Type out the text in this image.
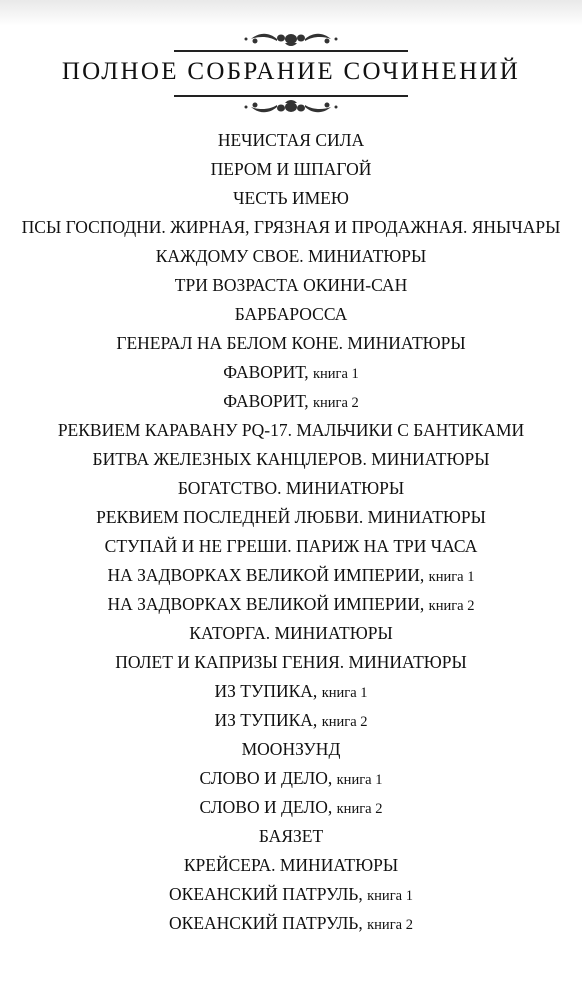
ПОЛНОЕ СОБРАНИЕ СОЧИНЕНИЙ
НЕЧИСТАЯ СИЛА
ПЕРОМ И ШПАГОЙ
ЧЕСТЬ ИМЕЮ
ПСЫ ГОСПОДНИ. ЖИРНАЯ, ГРЯЗНАЯ И ПРОДАЖНАЯ. ЯНЫЧАРЫ
КАЖДОМУ СВОЕ. МИНИАТЮРЫ
ТРИ ВОЗРАСТА ОКИНИ-САН
БАРБАРОССА
ГЕНЕРАЛ НА БЕЛОМ КОНЕ. МИНИАТЮРЫ
ФАВОРИТ, книга 1
ФАВОРИТ, книга 2
РЕКВИЕМ КАРАВАНУ PQ-17. МАЛЬЧИКИ С БАНТИКАМИ
БИТВА ЖЕЛЕЗНЫХ КАНЦЛЕРОВ. МИНИАТЮРЫ
БОГАТСТВО. МИНИАТЮРЫ
РЕКВИЕМ ПОСЛЕДНЕЙ ЛЮБВИ. МИНИАТЮРЫ
СТУПАЙ И НЕ ГРЕШИ. ПАРИЖ НА ТРИ ЧАСА
НА ЗАДВОРКАХ ВЕЛИКОЙ ИМПЕРИИ, книга 1
НА ЗАДВОРКАХ ВЕЛИКОЙ ИМПЕРИИ, книга 2
КАТОРГА. МИНИАТЮРЫ
ПОЛЕТ И КАПРИЗЫ ГЕНИЯ. МИНИАТЮРЫ
ИЗ ТУПИКА, книга 1
ИЗ ТУПИКА, книга 2
МООНЗУНД
СЛОВО И ДЕЛО, книга 1
СЛОВО И ДЕЛО, книга 2
БАЯЗЕТ
КРЕЙСЕРА. МИНИАТЮРЫ
ОКЕАНСКИЙ ПАТРУЛЬ, книга 1
ОКЕАНСКИЙ ПАТРУЛЬ, книга 2
